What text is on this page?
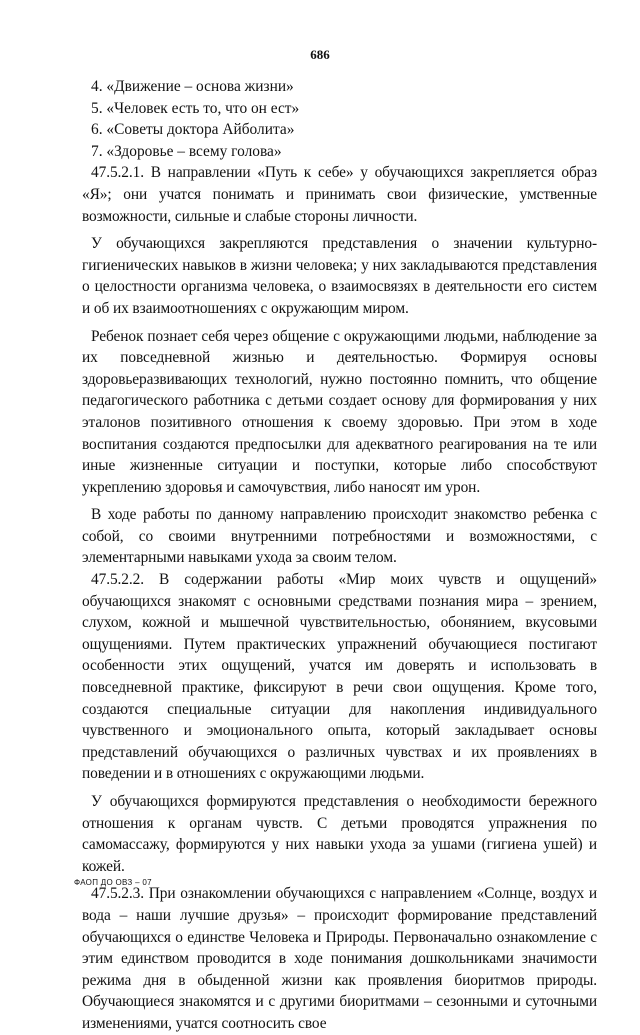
686

4. «Движение – основа жизни»

5. «Человек есть то, что он ест»

6. «Советы доктора Айболита»

7. «Здоровье – всему голова»

47.5.2.1. В направлении «Путь к себе» у обучающихся закрепляется образ «Я»; они учатся понимать и принимать свои физические, умственные возможности, сильные и слабые стороны личности.

У обучающихся закрепляются представления о значении культурно-гигиенических навыков в жизни человека; у них закладываются представления о целостности организма человека, о взаимосвязях в деятельности его систем и об их взаимоотношениях с окружающим миром.

Ребенок познает себя через общение с окружающими людьми, наблюдение за их повседневной жизнью и деятельностью. Формируя основы здоровьеразвивающих технологий, нужно постоянно помнить, что общение педагогического работника с детьми создает основу для формирования у них эталонов позитивного отношения к своему здоровью. При этом в ходе воспитания создаются предпосылки для адекватного реагирования на те или иные жизненные ситуации и поступки, которые либо способствуют укреплению здоровья и самочувствия, либо наносят им урон.

В ходе работы по данному направлению происходит знакомство ребенка с собой, со своими внутренними потребностями и возможностями, с элементарными навыками ухода за своим телом.

47.5.2.2. В содержании работы «Мир моих чувств и ощущений» обучающихся знакомят с основными средствами познания мира – зрением, слухом, кожной и мышечной чувствительностью, обонянием, вкусовыми ощущениями. Путем практических упражнений обучающиеся постигают особенности этих ощущений, учатся им доверять и использовать в повседневной практике, фиксируют в речи свои ощущения. Кроме того, создаются специальные ситуации для накопления индивидуального чувственного и эмоционального опыта, который закладывает основы представлений обучающихся о различных чувствах и их проявлениях в поведении и в отношениях с окружающими людьми.

У обучающихся формируются представления о необходимости бережного отношения к органам чувств. С детьми проводятся упражнения по самомассажу, формируются у них навыки ухода за ушами (гигиена ушей) и кожей.

47.5.2.3. При ознакомлении обучающихся с направлением «Солнце, воздух и вода – наши лучшие друзья» – происходит формирование представлений обучающихся о единстве Человека и Природы. Первоначально ознакомление с этим единством проводится в ходе понимания дошкольниками значимости режима дня в обыденной жизни как проявления биоритмов природы. Обучающиеся знакомятся и с другими биоритмами – сезонными и суточными изменениями, учатся соотносить свое

ФАОП ДО ОВЗ – 07
